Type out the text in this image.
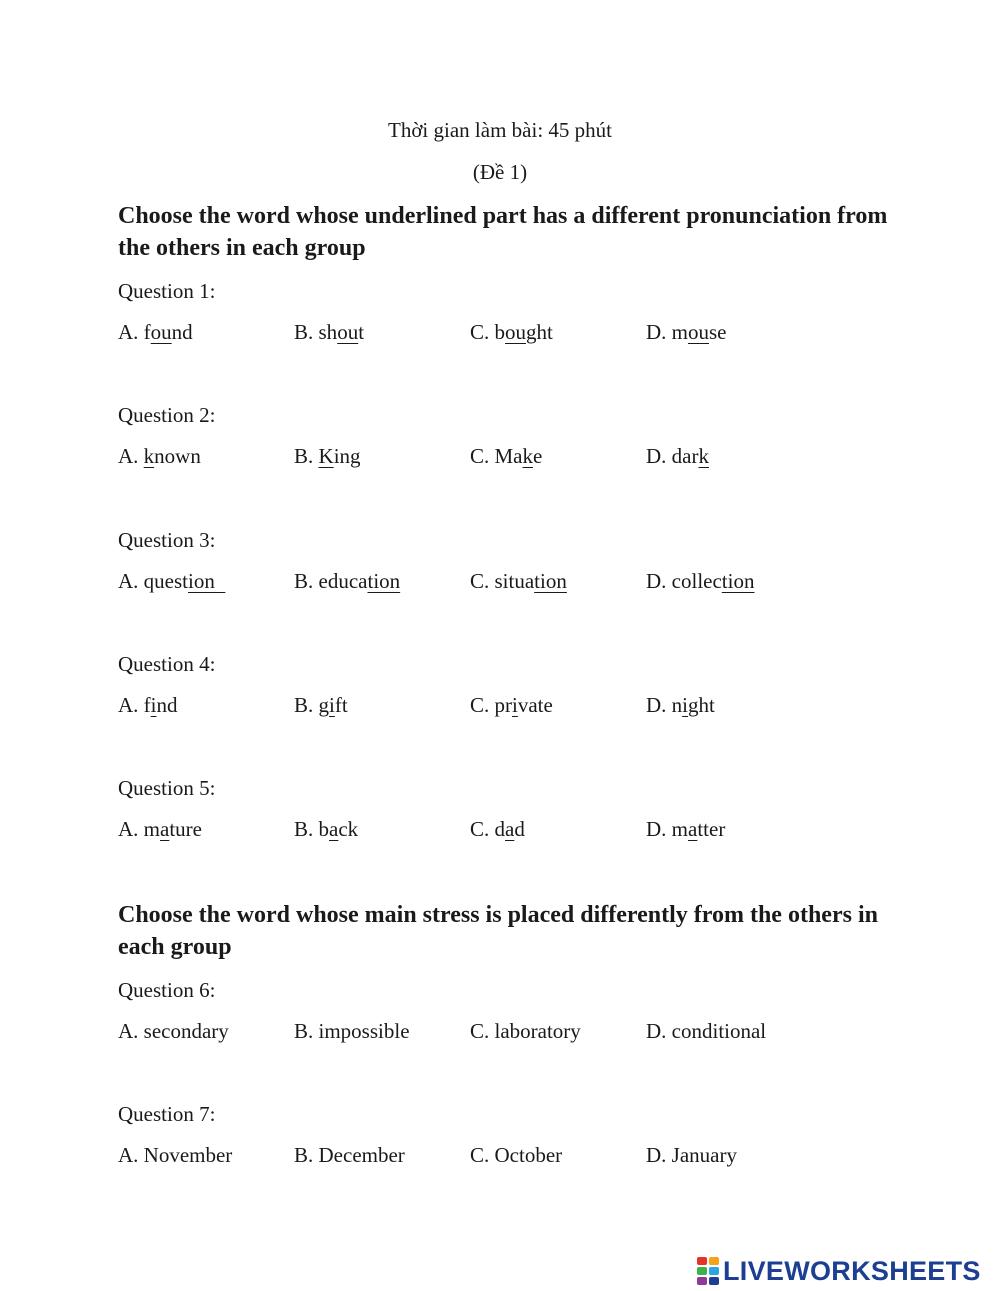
Thời gian làm bài: 45 phút
(Đề 1)
Choose the word whose underlined part has a different pronunciation from the others in each group
Question 1:
A. found	B. shout	C. bought	D. mouse
Question 2:
A. known	B. King	C. Make	D. dark
Question 3:
A. question	B. education	C. situation	D. collection
Question 4:
A. find	B. gift	C. private	D. night
Question 5:
A. mature	B. back	C. dad	D. matter
Choose the word whose main stress is placed differently from the others in each group
Question 6:
A. secondary	B. impossible	C. laboratory	D. conditional
Question 7:
A. November	B. December	C. October	D. January
LIVEWORKSHEETS
